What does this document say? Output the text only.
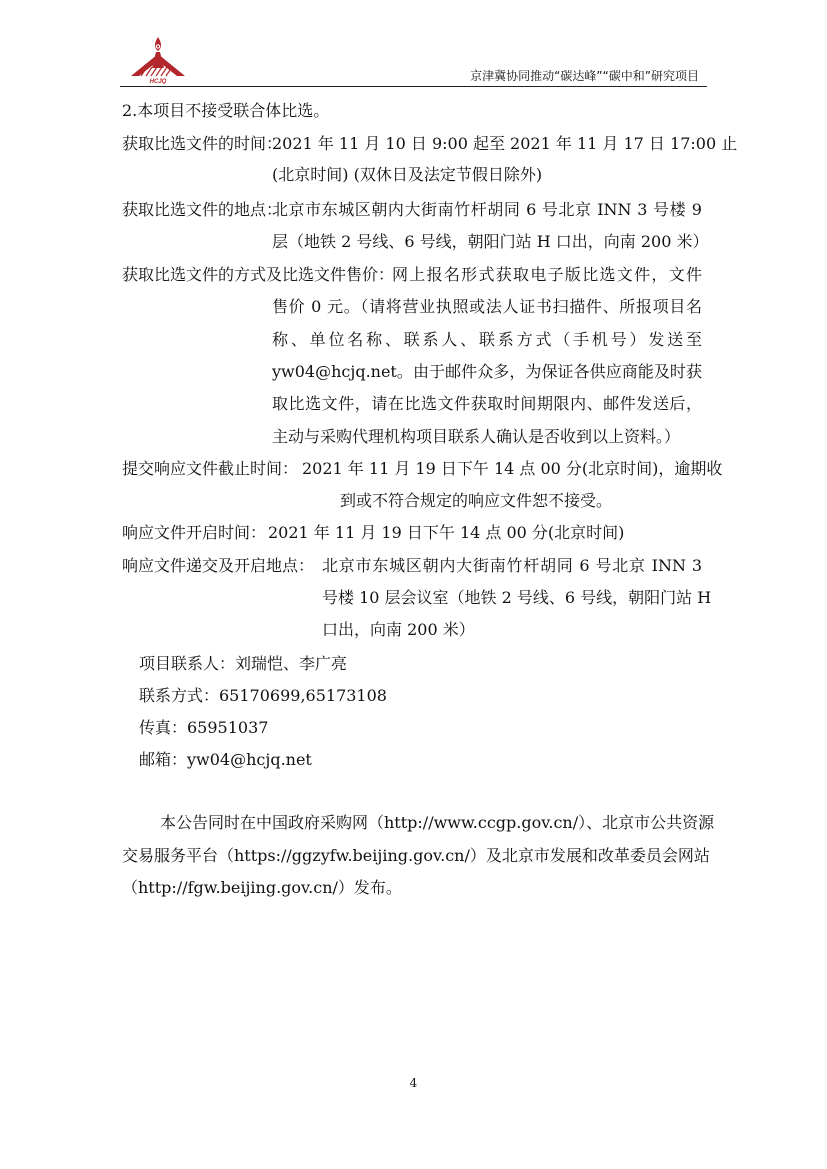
HCJQ	京津冀协同推动“碳达峰”“碳中和”研究项目
2.本项目不接受联合体比选。
获取比选文件的时间：
2021 年 11 月 10 日 9:00 起至 2021 年 11 月 17 日 17:00 止
(北京时间) (双休日及法定节假日除外)
获取比选文件的地点：
北京市东城区朝内大街南竹杆胡同 6 号北京 INN 3 号楼 9
层（地铁 2 号线、6 号线，朝阳门站 H 口出，向南 200 米）
获取比选文件的方式及比选文件售价：
网上报名形式获取电子版比选文件，文件
售价 0 元。（请将营业执照或法人证书扫描件、所报项目名
称、单位名称、联系人、联系方式（手机号）发送至
yw04@hcjq.net。由于邮件众多，为保证各供应商能及时获
取比选文件，请在比选文件获取时间期限内、邮件发送后，
主动与采购代理机构项目联系人确认是否收到以上资料。）
提交响应文件截止时间： 2021 年 11 月 19 日下午 14 点 00 分(北京时间)，逾期收
到或不符合规定的响应文件恕不接受。
响应文件开启时间： 2021 年 11 月 19 日下午 14 点 00 分(北京时间)
响应文件递交及开启地点： 北京市东城区朝内大街南竹杆胡同 6 号北京 INN 3
号楼 10 层会议室（地铁 2 号线、6 号线，朝阳门站 H
口出，向南 200 米）
项目联系人：刘瑞恺、李广亮
联系方式：65170699,65173108
传真：65951037
邮箱：yw04@hcjq.net
本公告同时在中国政府采购网（http://www.ccgp.gov.cn/）、北京市公共资源
交易服务平台（https://ggzyfw.beijing.gov.cn/）及北京市发展和改革委员会网站
（http://fgw.beijing.gov.cn/）发布。
4
